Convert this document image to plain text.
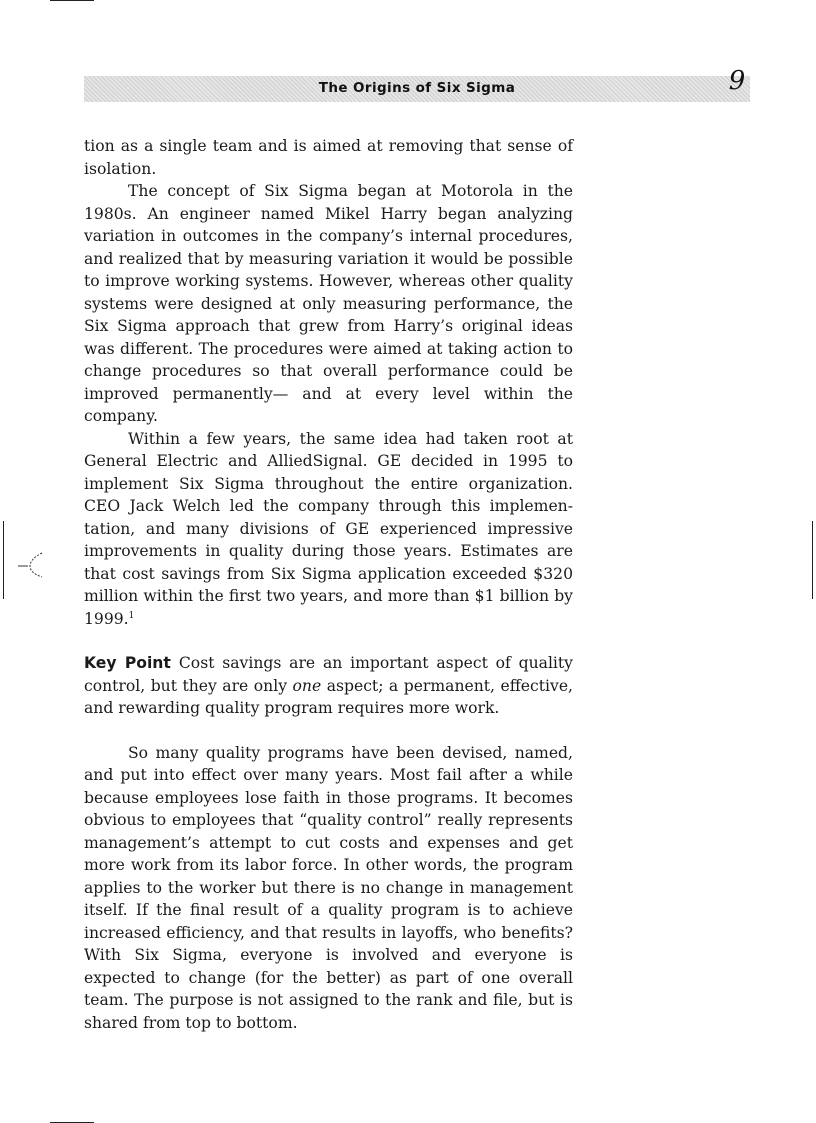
The Origins of Six Sigma	9

tion as a single team and is aimed at removing that sense of isolation.

The concept of Six Sigma began at Motorola in the 1980s. An engineer named Mikel Harry began analyzing variation in outcomes in the company’s internal procedures, and realized that by measuring variation it would be possible to improve working systems. However, whereas other quality systems were designed at only measuring performance, the Six Sigma approach that grew from Harry’s original ideas was different. The procedures were aimed at taking action to change procedures so that overall performance could be improved permanently— and at every level within the company.

Within a few years, the same idea had taken root at General Electric and AlliedSignal. GE decided in 1995 to implement Six Sigma throughout the entire organization. CEO Jack Welch led the company through this implementation, and many divisions of GE experienced impressive improvements in quality during those years. Estimates are that cost savings from Six Sigma application exceeded $320 million within the first two years, and more than $1 billion by 1999.$^1$

Key Point Cost savings are an important aspect of quality control, but they are only one aspect; a permanent, effective, and rewarding quality program requires more work.

So many quality programs have been devised, named, and put into effect over many years. Most fail after a while because employees lose faith in those programs. It becomes obvious to employees that “quality control” really represents management’s attempt to cut costs and expenses and get more work from its labor force. In other words, the program applies to the worker but there is no change in management itself. If the final result of a quality program is to achieve increased efficiency, and that results in layoffs, who benefits? With Six Sigma, everyone is involved and everyone is expected to change (for the better) as part of one overall team. The purpose is not assigned to the rank and file, but is shared from top to bottom.
